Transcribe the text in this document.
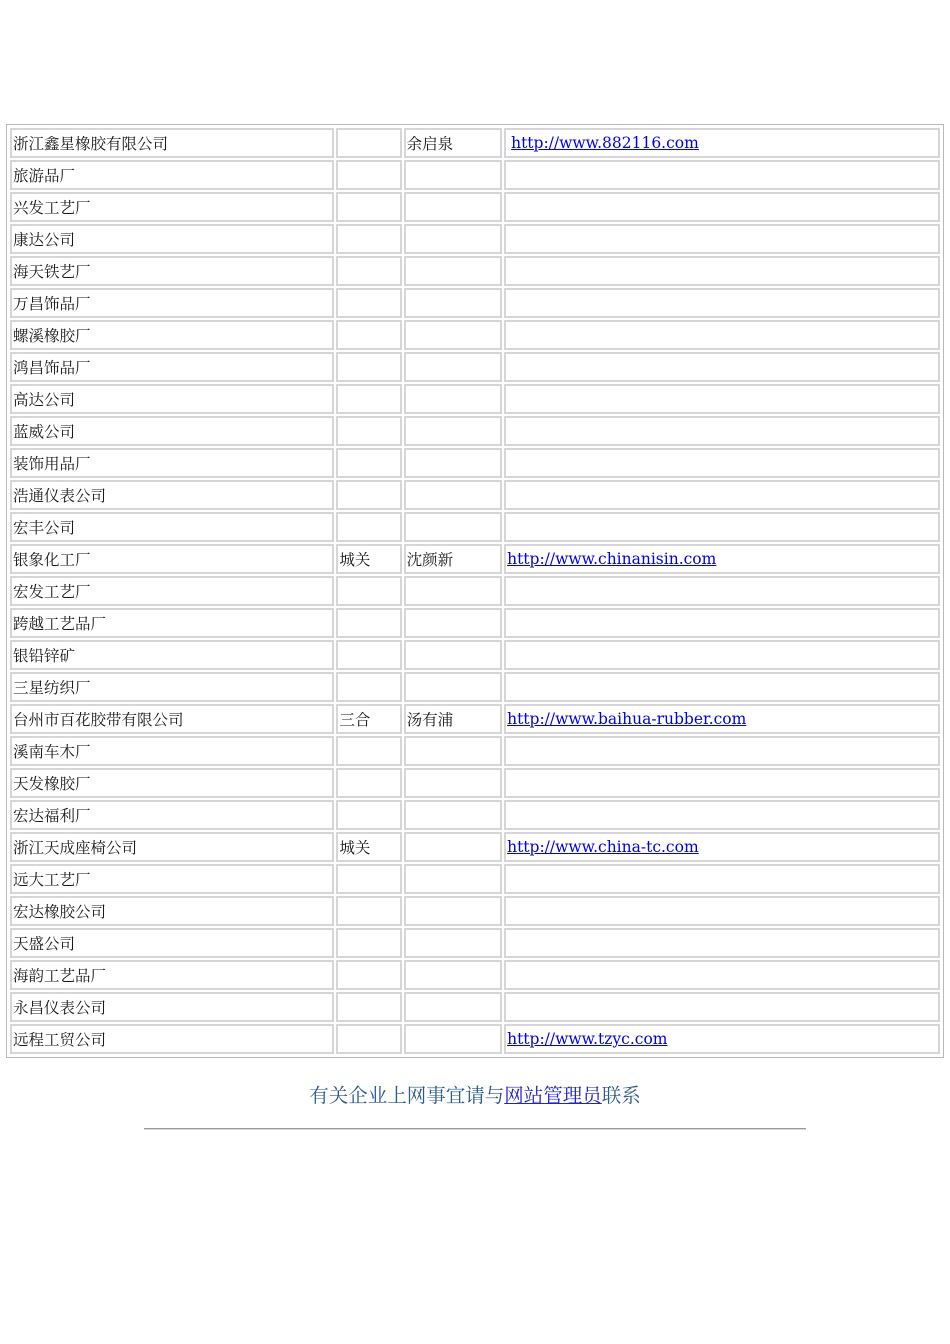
浙江鑫星橡胶有限公司		余启泉	http://www.882116.com
旅游品厂			
兴发工艺厂			
康达公司			
海天铁艺厂			
万昌饰品厂			
螺溪橡胶厂			
鸿昌饰品厂			
高达公司			
蓝威公司			
装饰用品厂			
浩通仪表公司			
宏丰公司			
银象化工厂	城关	沈颜新	http://www.chinanisin.com
宏发工艺厂			
跨越工艺品厂			
银铅锌矿			
三星纺织厂			
台州市百花胶带有限公司	三合	汤有浦	http://www.baihua-rubber.com
溪南车木厂			
天发橡胶厂			
宏达福利厂			
浙江天成座椅公司	城关		http://www.china-tc.com
远大工艺厂			
宏达橡胶公司			
天盛公司			
海韵工艺品厂			
永昌仪表公司			
远程工贸公司			http://www.tzyc.com
有关企业上网事宜请与网站管理员联系
